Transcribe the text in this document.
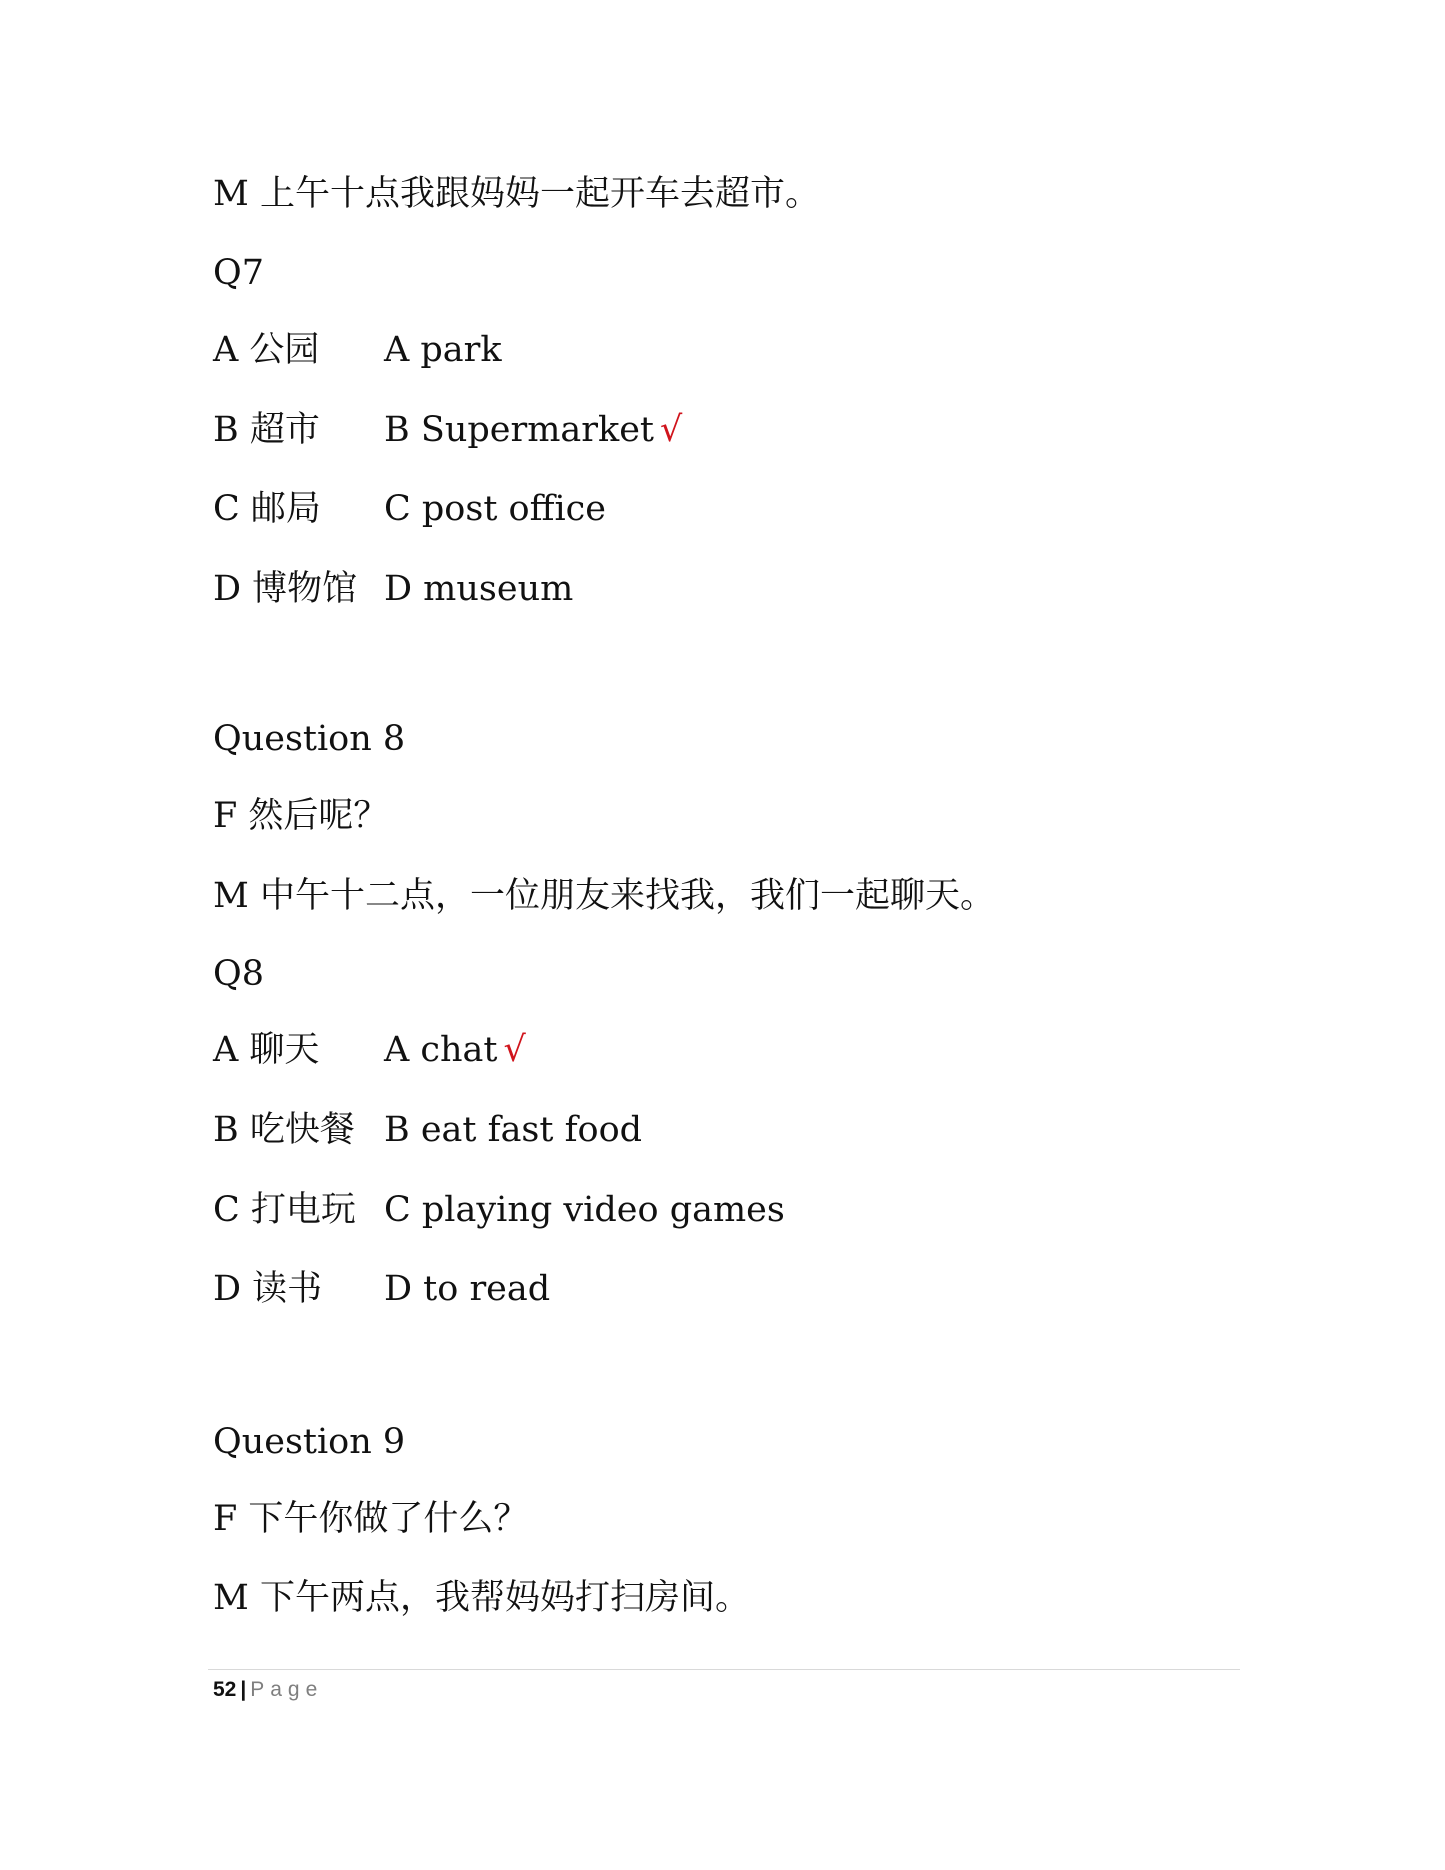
M 上午十点我跟妈妈一起开车去超市。
Q7
A 公园 A park
B 超市 B Supermarket √
C 邮局 C post office
D 博物馆 D museum
Question 8
F 然后呢？
M 中午十二点，一位朋友来找我，我们一起聊天。
Q8
A 聊天 A chat √
B 吃快餐 B eat fast food
C 打电玩 C playing video games
D 读书 D to read
Question 9
F 下午你做了什么？
M 下午两点，我帮妈妈打扫房间。
52 | Page
